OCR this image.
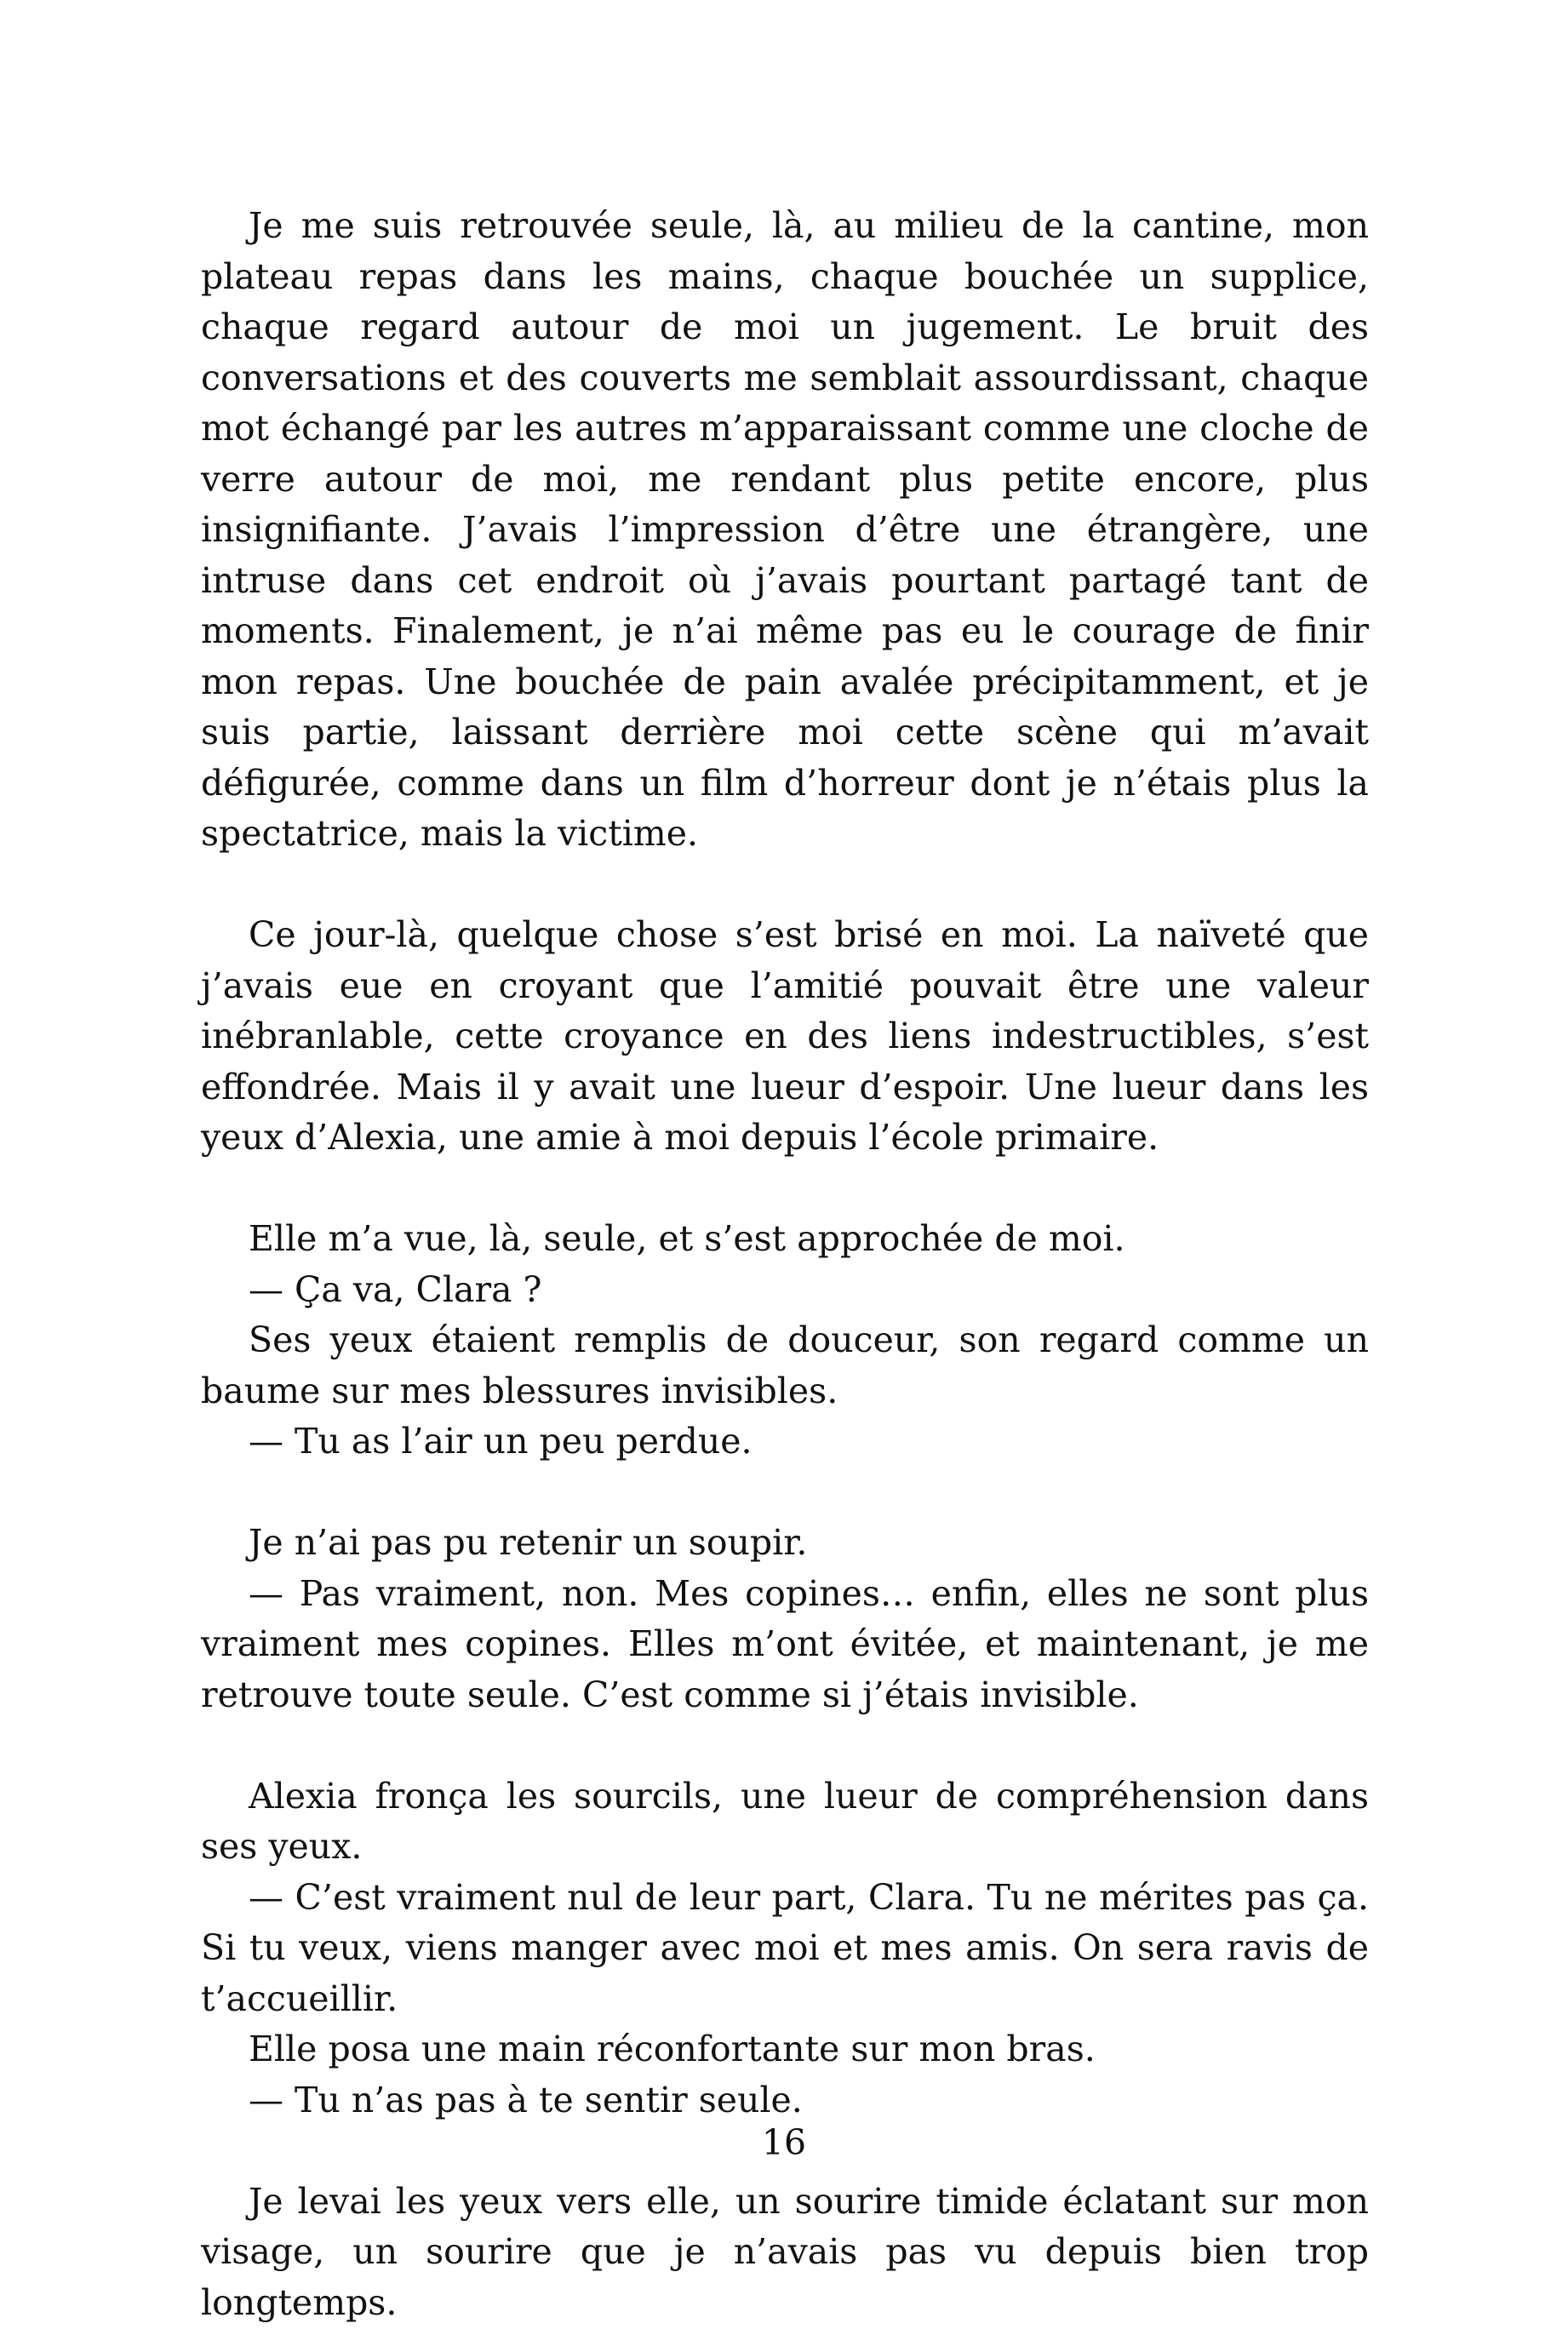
Je me suis retrouvée seule, là, au milieu de la cantine, mon plateau repas dans les mains, chaque bouchée un supplice, chaque regard autour de moi un jugement. Le bruit des conversations et des couverts me semblait assourdissant, chaque mot échangé par les autres m’apparaissant comme une cloche de verre autour de moi, me rendant plus petite encore, plus insignifiante. J’avais l’impression d’être une étrangère, une intruse dans cet endroit où j’avais pourtant partagé tant de moments. Finalement, je n’ai même pas eu le courage de finir mon repas. Une bouchée de pain avalée précipitamment, et je suis partie, laissant derrière moi cette scène qui m’avait défigurée, comme dans un film d’horreur dont je n’étais plus la spectatrice, mais la victime.

Ce jour-là, quelque chose s’est brisé en moi. La naïveté que j’avais eue en croyant que l’amitié pouvait être une valeur inébranlable, cette croyance en des liens indestructibles, s’est effondrée. Mais il y avait une lueur d’espoir. Une lueur dans les yeux d’Alexia, une amie à moi depuis l’école primaire.

Elle m’a vue, là, seule, et s’est approchée de moi.

— Ça va, Clara ?

Ses yeux étaient remplis de douceur, son regard comme un baume sur mes blessures invisibles.

— Tu as l’air un peu perdue.

Je n’ai pas pu retenir un soupir.

— Pas vraiment, non. Mes copines… enfin, elles ne sont plus vraiment mes copines. Elles m’ont évitée, et maintenant, je me retrouve toute seule. C’est comme si j’étais invisible.

Alexia fronça les sourcils, une lueur de compréhension dans ses yeux.

— C’est vraiment nul de leur part, Clara. Tu ne mérites pas ça. Si tu veux, viens manger avec moi et mes amis. On sera ravis de t’accueillir.

Elle posa une main réconfortante sur mon bras.

— Tu n’as pas à te sentir seule.

Je levai les yeux vers elle, un sourire timide éclatant sur mon visage, un sourire que je n’avais pas vu depuis bien trop longtemps.

16
